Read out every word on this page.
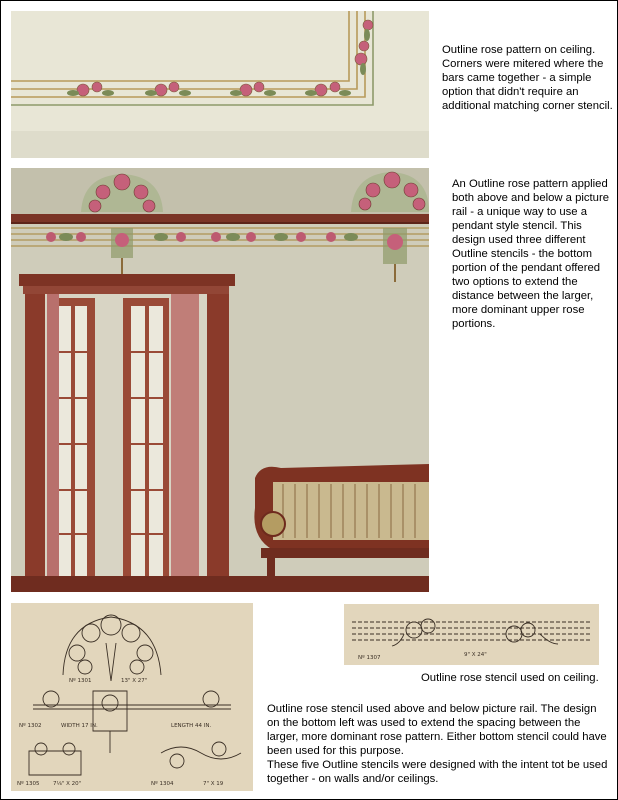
Outline rose pattern on ceiling. Corners were mitered where the bars came together - a simple option that didn't require an additional matching corner stencil.

An Outline rose pattern applied both above and below a picture rail - a unique way to use a pendant style stencil. This design used three different Outline stencils - the bottom portion of the pendant offered two options to extend the distance between the larger, more dominant upper rose portions.

Nº 1301	13" X 27"
Nº 1302	WIDTH 17 IN.	LENGTH 44 IN.
Nº 1305 7⅛" X 20"	Nº 1304	7" X 19
Nº 1307	9" X 24"

Outline rose stencil used on ceiling.

Outline rose stencil used above and below picture rail. The design on the bottom left was used to extend the spacing between the larger, more dominant rose pattern. Either bottom stencil could have been used for this purpose.

These five Outline stencils were designed with the intent tot be used together - on walls and/or ceilings.
